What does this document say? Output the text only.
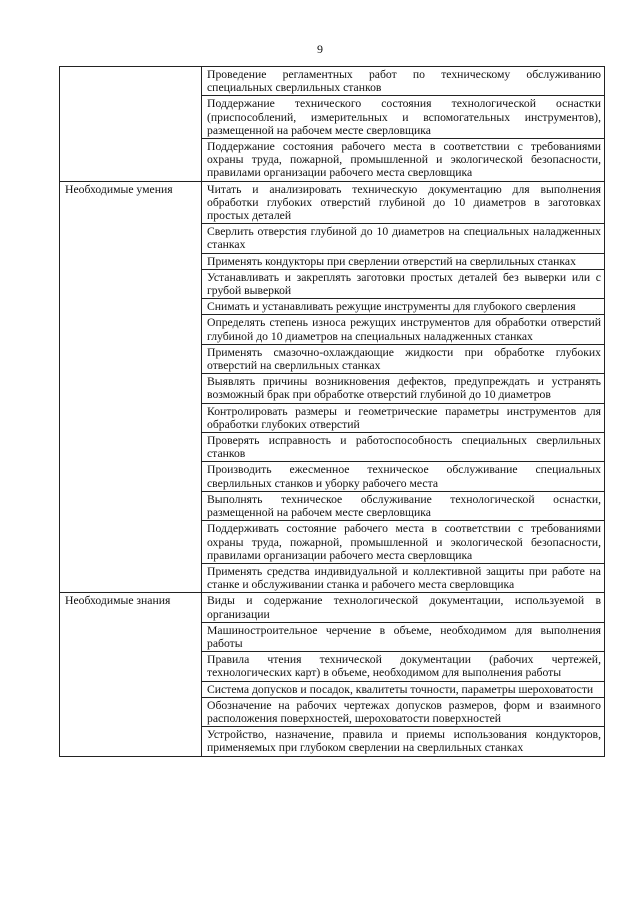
9
	Проведение регламентных работ по техническому обслуживанию специальных сверлильных станков
	Поддержание технического состояния технологической оснастки (приспособлений, измерительных и вспомогательных инструментов), размещенной на рабочем месте сверловщика
	Поддержание состояния рабочего места в соответствии с требованиями охраны труда, пожарной, промышленной и экологической безопасности, правилами организации рабочего места сверловщика
Необходимые умения	Читать и анализировать техническую документацию для выполнения обработки глубоких отверстий глубиной до 10 диаметров в заготовках простых деталей
	Сверлить отверстия глубиной до 10 диаметров на специальных наладженных станках
	Применять кондукторы при сверлении отверстий на сверлильных станках
	Устанавливать и закреплять заготовки простых деталей без выверки или с грубой выверкой
	Снимать и устанавливать режущие инструменты для глубокого сверления
	Определять степень износа режущих инструментов для обработки отверстий глубиной до 10 диаметров на специальных наладженных станках
	Применять смазочно-охлаждающие жидкости при обработке глубоких отверстий на сверлильных станках
	Выявлять причины возникновения дефектов, предупреждать и устранять возможный брак при обработке отверстий глубиной до 10 диаметров
	Контролировать размеры и геометрические параметры инструментов для обработки глубоких отверстий
	Проверять исправность и работоспособность специальных сверлильных станков
	Производить ежесменное техническое обслуживание специальных сверлильных станков и уборку рабочего места
	Выполнять техническое обслуживание технологической оснастки, размещенной на рабочем месте сверловщика
	Поддерживать состояние рабочего места в соответствии с требованиями охраны труда, пожарной, промышленной и экологической безопасности, правилами организации рабочего места сверловщика
	Применять средства индивидуальной и коллективной защиты при работе на станке и обслуживании станка и рабочего места сверловщика
Необходимые знания	Виды и содержание технологической документации, используемой в организации
	Машиностроительное черчение в объеме, необходимом для выполнения работы
	Правила чтения технической документации (рабочих чертежей, технологических карт) в объеме, необходимом для выполнения работы
	Система допусков и посадок, квалитеты точности, параметры шероховатости
	Обозначение на рабочих чертежах допусков размеров, форм и взаимного расположения поверхностей, шероховатости поверхностей
	Устройство, назначение, правила и приемы использования кондукторов, применяемых при глубоком сверлении на сверлильных станках
